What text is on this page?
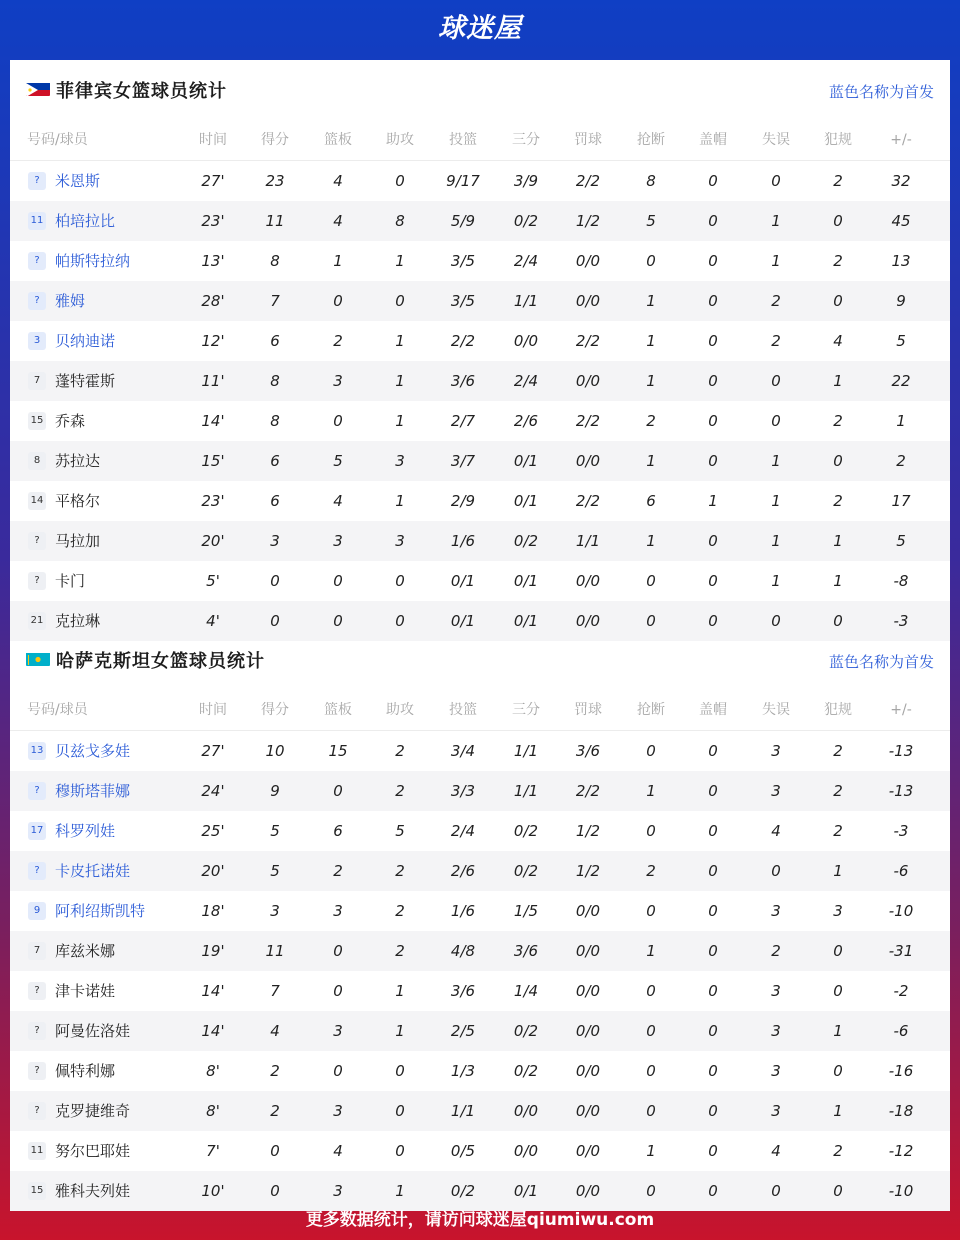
球迷屋
菲律宾女篮球员统计	蓝色名称为首发
号码/球员	时间	得分	篮板	助攻	投篮	三分	罚球	抢断	盖帽	失误	犯规	+/-
?	米恩斯	27'	23	4	0	9/17	3/9	2/2	8	0	0	2	32
11 柏培拉比	23'	11	4	8	5/9	0/2	1/2	5	0	1	0	45
?	帕斯特拉纳	13'	8	1	1	3/5	2/4	0/0	0	0	1	2	13
?	雅姆	28'	7	0	0	3/5	1/1	0/0	1	0	2	0	9
3 贝纳迪诺	12'	6	2	1	2/2	0/0	2/2	1	0	2	4	5
7 蓬特霍斯	11'	8	3	1	3/6	2/4	0/0	1	0	0	1	22
15 乔森	14'	8	0	1	2/7	2/6	2/2	2	0	0	2	1
8 苏拉达	15'	6	5	3	3/7	0/1	0/0	1	0	1	0	2
14 平格尔	23'	6	4	1	2/9	0/1	2/2	6	1	1	2	17
?	马拉加	20'	3	3	3	1/6	0/2	1/1	1	0	1	1	5
?	卡门	5'	0	0	0	0/1	0/1	0/0	0	0	1	1	-8
21 克拉琳	4'	0	0	0	0/1	0/1	0/0	0	0	0	0	-3
哈萨克斯坦女篮球员统计	蓝色名称为首发
号码/球员	时间	得分	篮板	助攻	投篮	三分	罚球	抢断	盖帽	失误	犯规	+/-
13 贝兹戈多娃	27'	10	15	2	3/4	1/1	3/6	0	0	3	2	-13
?	穆斯塔菲娜	24'	9	0	2	3/3	1/1	2/2	1	0	3	2	-13
17 科罗列娃	25'	5	6	5	2/4	0/2	1/2	0	0	4	2	-3
?	卡皮托诺娃	20'	5	2	2	2/6	0/2	1/2	2	0	0	1	-6
9 阿利绍斯凯特	18'	3	3	2	1/6	1/5	0/0	0	0	3	3	-10
7 库兹米娜	19'	11	0	2	4/8	3/6	0/0	1	0	2	0	-31
?	津卡诺娃	14'	7	0	1	3/6	1/4	0/0	0	0	3	0	-2
?	阿曼佐洛娃	14'	4	3	1	2/5	0/2	0/0	0	0	3	1	-6
?	佩特利娜	8'	2	0	0	1/3	0/2	0/0	0	0	3	0	-16
?	克罗捷维奇	8'	2	3	0	1/1	0/0	0/0	0	0	3	1	-18
11 努尔巴耶娃	7'	0	4	0	0/5	0/0	0/0	1	0	4	2	-12
15 雅科夫列娃	10'	0	3	1	0/2	0/1	0/0	0	0	0	0	-10
更多数据统计，请访问球迷屋qiumiwu.com
